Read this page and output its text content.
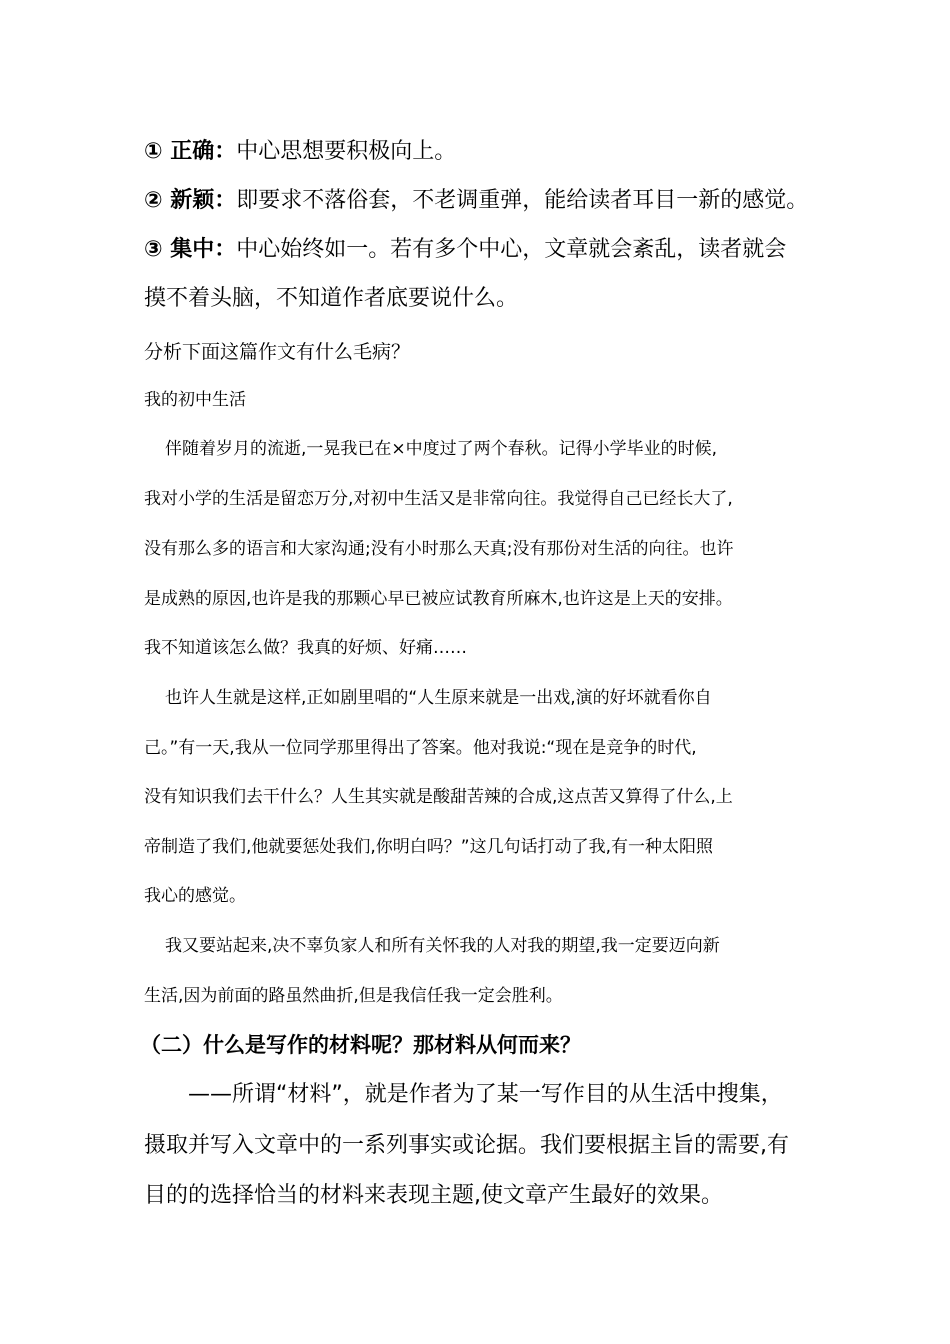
① 正确：中心思想要积极向上。

② 新颖：即要求不落俗套，不老调重弹，能给读者耳目一新的感觉。

③ 集中：中心始终如一。若有多个中心，文章就会紊乱，读者就会

摸不着头脑，不知道作者底要说什么。

分析下面这篇作文有什么毛病？

我的初中生活

伴随着岁月的流逝,一晃我已在×中度过了两个春秋。记得小学毕业的时候,

我对小学的生活是留恋万分,对初中生活又是非常向往。我觉得自己已经长大了,

没有那么多的语言和大家沟通;没有小时那么天真;没有那份对生活的向往。也许

是成熟的原因,也许是我的那颗心早已被应试教育所麻木,也许这是上天的安排。

我不知道该怎么做？我真的好烦、好痛……

也许人生就是这样,正如剧里唱的“人生原来就是一出戏,演的好坏就看你自

己。”有一天,我从一位同学那里得出了答案。他对我说:“现在是竞争的时代,

没有知识我们去干什么？人生其实就是酸甜苦辣的合成,这点苦又算得了什么,上

帝制造了我们,他就要惩处我们,你明白吗？”这几句话打动了我,有一种太阳照

我心的感觉。

我又要站起来,决不辜负家人和所有关怀我的人对我的期望,我一定要迈向新

生活,因为前面的路虽然曲折,但是我信任我一定会胜利。

（二）什么是写作的材料呢？那材料从何而来？

——所谓“材料”，就是作者为了某一写作目的从生活中搜集，

摄取并写入文章中的一系列事实或论据。我们要根据主旨的需要,有

目的的选择恰当的材料来表现主题,使文章产生最好的效果。
